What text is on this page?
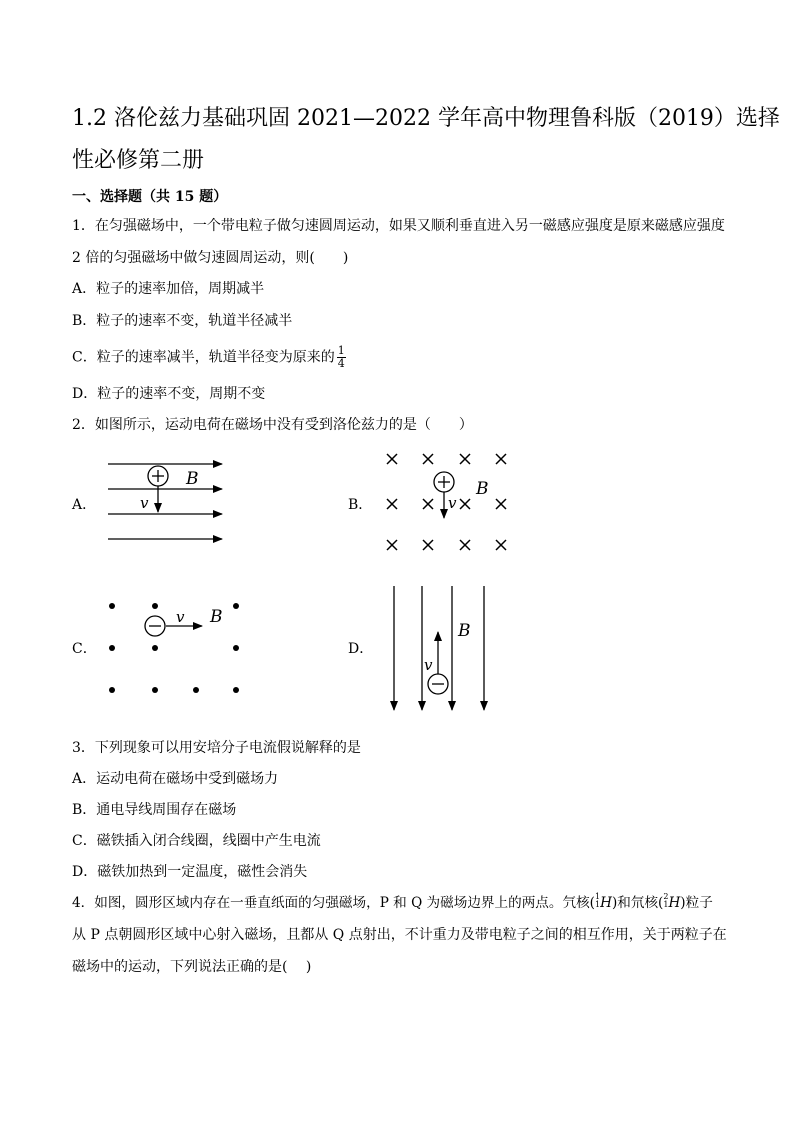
1.2 洛伦兹力基础巩固 2021—2022 学年高中物理鲁科版（2019）选择
性必修第二册
一、选择题（共 15 题）
1．在匀强磁场中，一个带电粒子做匀速圆周运动，如果又顺利垂直进入另一磁感应强度是原来磁感应强度
2 倍的匀强磁场中做匀速圆周运动，则(　　)
A．粒子的速率加倍，周期减半
B．粒子的速率不变，轨道半径减半
C．粒子的速率减半，轨道半径变为原来的 $\frac{1}{4}$
D．粒子的速率不变，周期不变
2．如图所示，运动电荷在磁场中没有受到洛伦兹力的是（　　）
A．	B．
C．	D．
B
v	v
B
v B
v
B
3．下列现象可以用安培分子电流假说解释的是
A．运动电荷在磁场中受到磁场力
B．通电导线周围存在磁场
C．磁铁插入闭合线圈，线圈中产生电流
D．磁铁加热到一定温度，磁性会消失
4．如图，圆形区域内存在一垂直纸面的匀强磁场，P 和 Q 为磁场边界上的两点。氕核( $^{1 1}$ H)和氘核( $^{2 1}$ H)粒子
从 P 点朝圆形区域中心射入磁场，且都从 Q 点射出，不计重力及带电粒子之间的相互作用，关于两粒子在
磁场中的运动，下列说法正确的是(　 )
